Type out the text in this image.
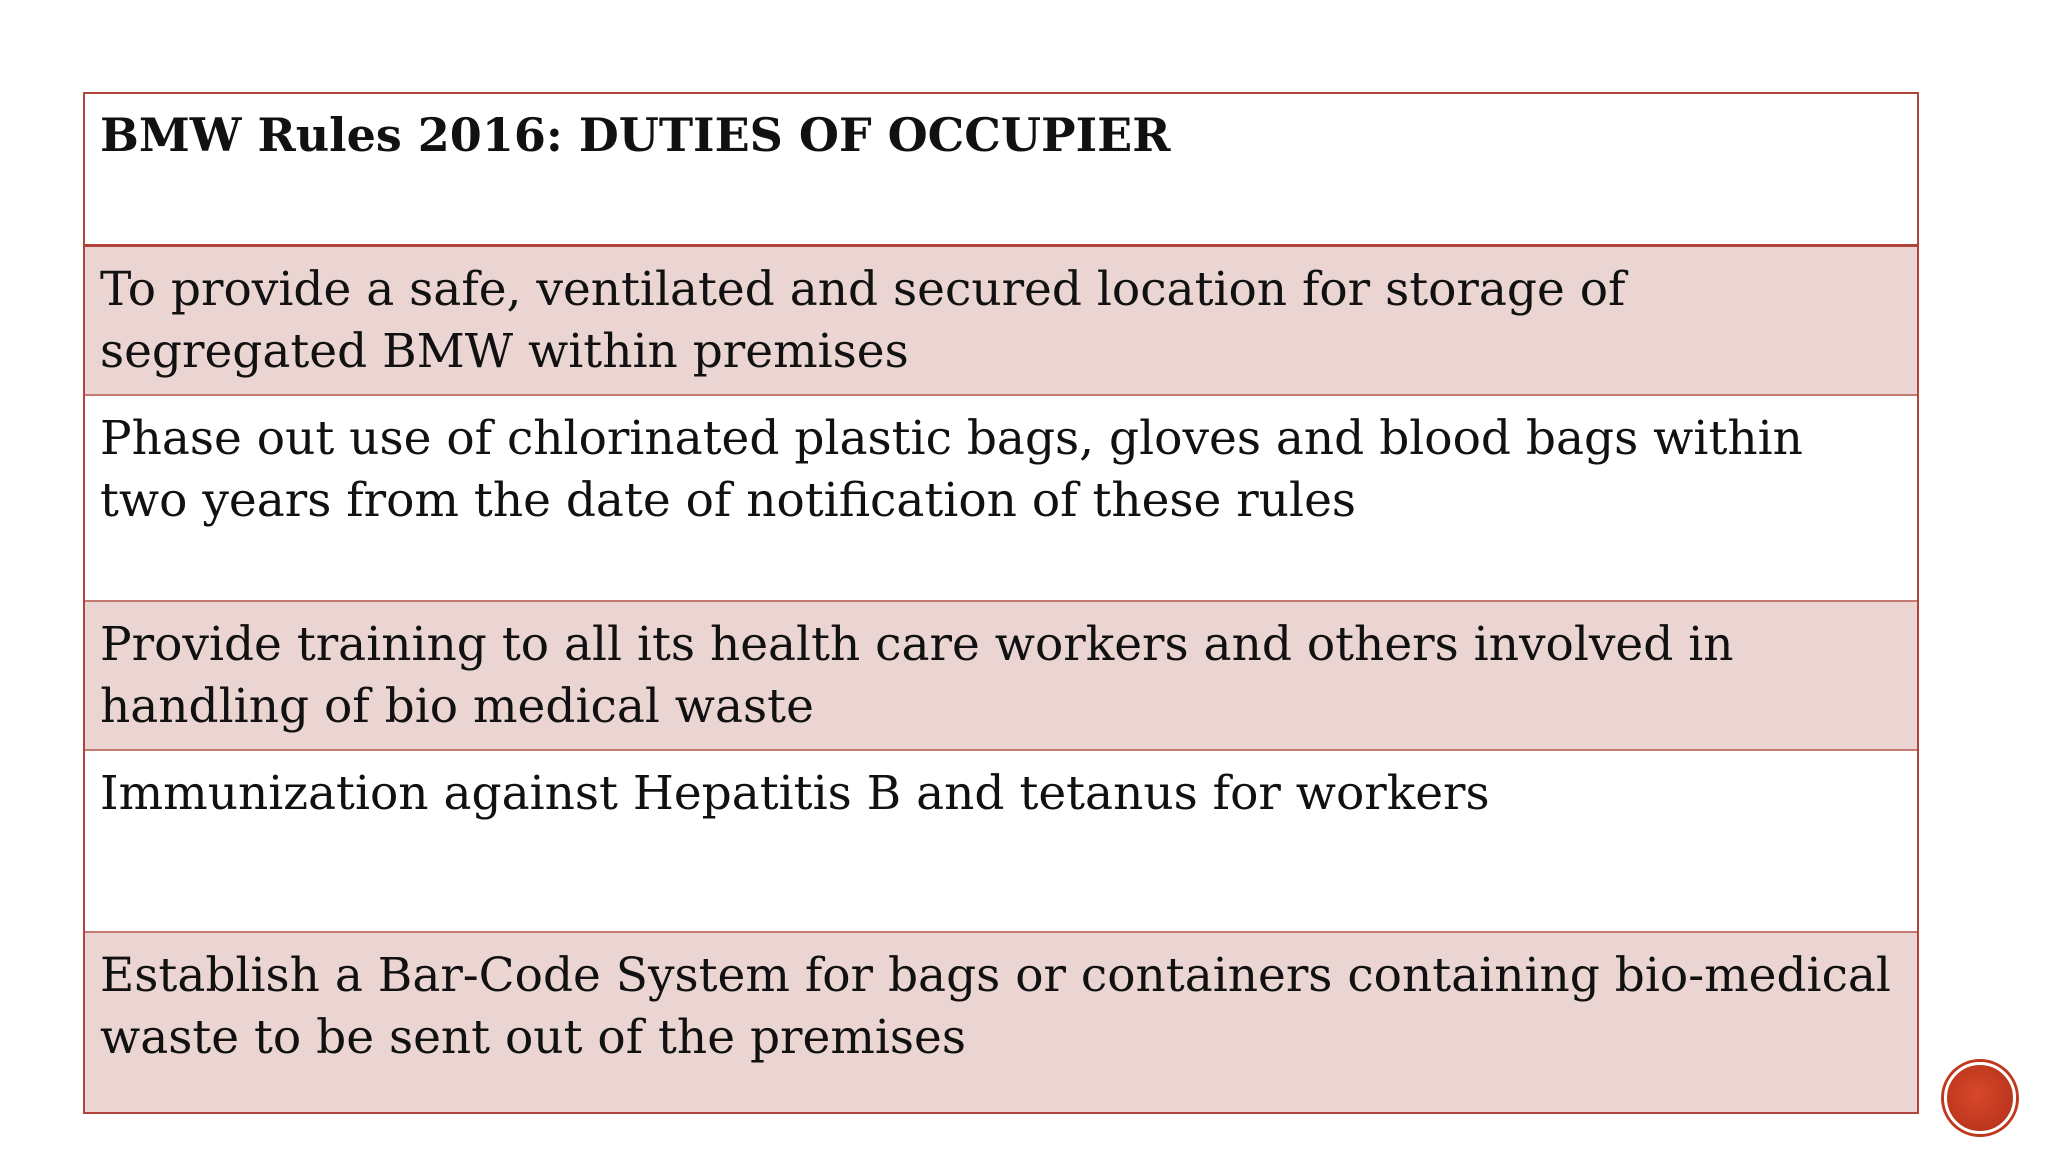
BMW Rules 2016: DUTIES OF OCCUPIER
To provide a safe, ventilated and secured location for storage of segregated BMW within premises
Phase out use of chlorinated plastic bags, gloves and blood bags within two years from the date of notification of these rules
Provide training to all its health care workers and others involved in handling of bio medical waste
Immunization against Hepatitis B and tetanus for workers
Establish a Bar-Code System for bags or containers containing bio-medical waste to be sent out of the premises
